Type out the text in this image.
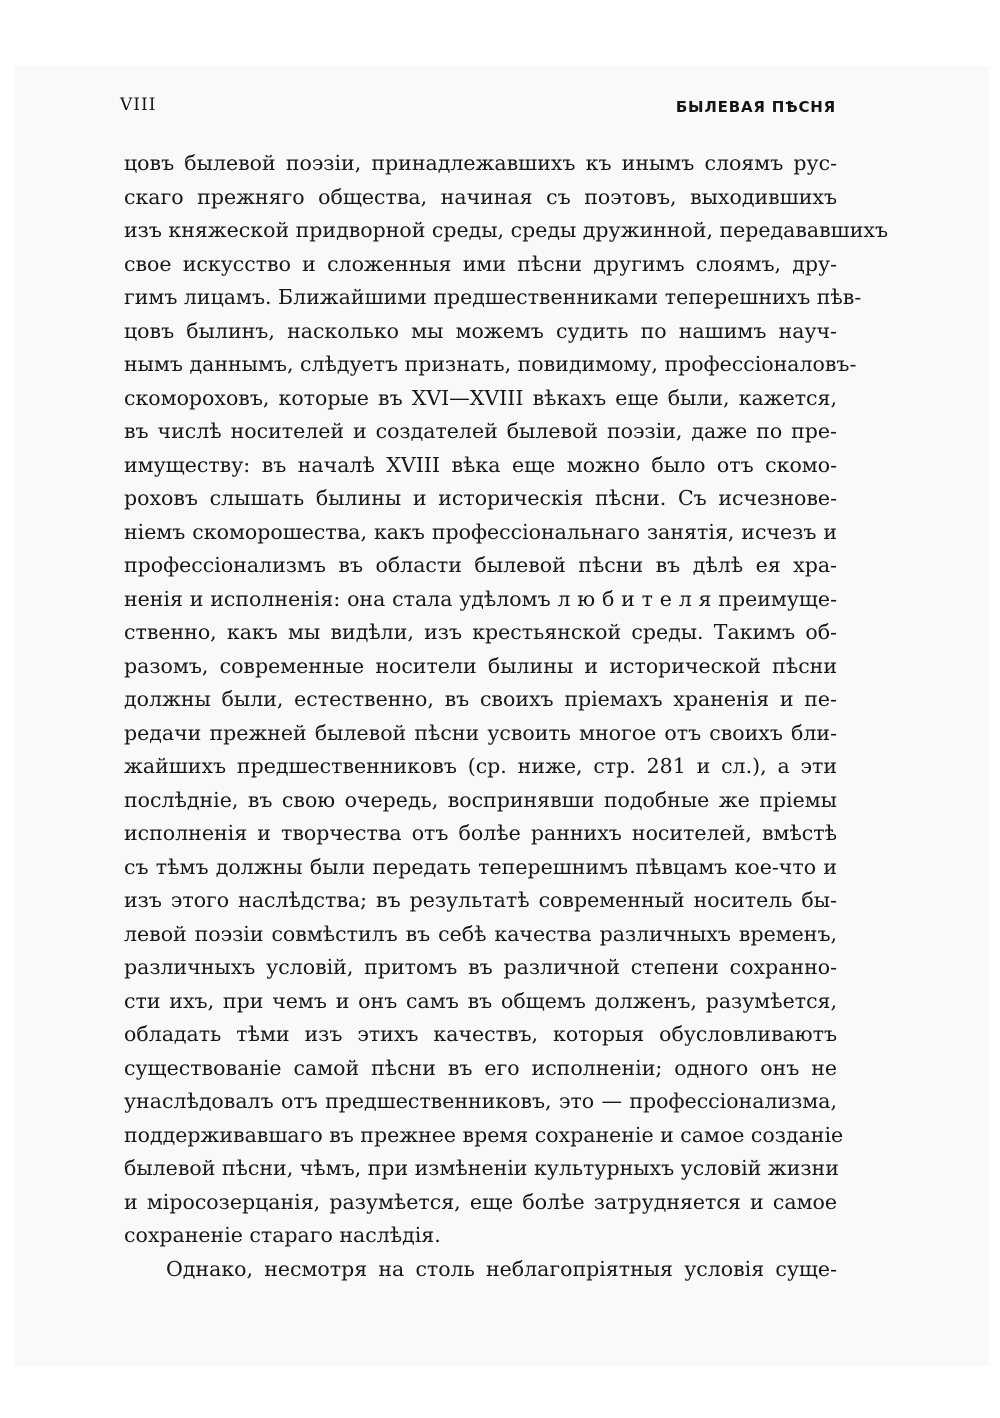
VIII	БЫЛЕВАЯ ПѢСНЯ
цовъ былевой поэзіи, принадлежавшихъ къ инымъ слоямъ рус-
скаго прежняго общества, начиная съ поэтовъ, выходившихъ
изъ княжеской придворной среды, среды дружинной, передававшихъ
свое искусство и сложенныя ими пѣсни другимъ слоямъ, дру-
гимъ лицамъ. Ближайшими предшественниками теперешнихъ пѣв-
цовъ былинъ, насколько мы можемъ судить по нашимъ науч-
нымъ даннымъ, слѣдуетъ признать, повидимому, профессіоналовъ-
скомороховъ, которые въ XVI—XVIII вѣкахъ еще были, кажется,
въ числѣ носителей и создателей былевой поэзіи, даже по пре-
имуществу: въ началѣ XVIII вѣка еще можно было отъ скомо-
роховъ слышать былины и историческія пѣсни. Съ исчезнове-
ніемъ скоморошества, какъ профессіональнаго занятія, исчезъ и
профессіонализмъ въ области былевой пѣсни въ дѣлѣ ея хра-
ненія и исполненія: она стала удѣломъ л ю б и т е л я преимуще-
ственно, какъ мы видѣли, изъ крестьянской среды. Такимъ об-
разомъ, современные носители былины и исторической пѣсни
должны были, естественно, въ своихъ пріемахъ храненія и пе-
редачи прежней былевой пѣсни усвоить многое отъ своихъ бли-
жайшихъ предшественниковъ (ср. ниже, стр. 281 и сл.), а эти
послѣдніе, въ свою очередь, воспринявши подобные же пріемы
исполненія и творчества отъ болѣе раннихъ носителей, вмѣстѣ
съ тѣмъ должны были передать теперешнимъ пѣвцамъ кое-что и
изъ этого наслѣдства; въ результатѣ современный носитель бы-
левой поэзіи совмѣстилъ въ себѣ качества различныхъ временъ,
различныхъ условій, притомъ въ различной степени сохранно-
сти ихъ, при чемъ и онъ самъ въ общемъ долженъ, разумѣется,
обладать тѣми изъ этихъ качествъ, которыя обусловливаютъ
существованіе самой пѣсни въ его исполненіи; одного онъ не
унаслѣдовалъ отъ предшественниковъ, это — профессіонализма,
поддерживавшаго въ прежнее время сохраненіе и самое созданіе
былевой пѣсни, чѣмъ, при измѣненіи культурныхъ условій жизни
и міросозерцанія, разумѣется, еще болѣе затрудняется и самое
сохраненіе стараго наслѣдія.
Однако, несмотря на столь неблагопріятныя условія суще-
